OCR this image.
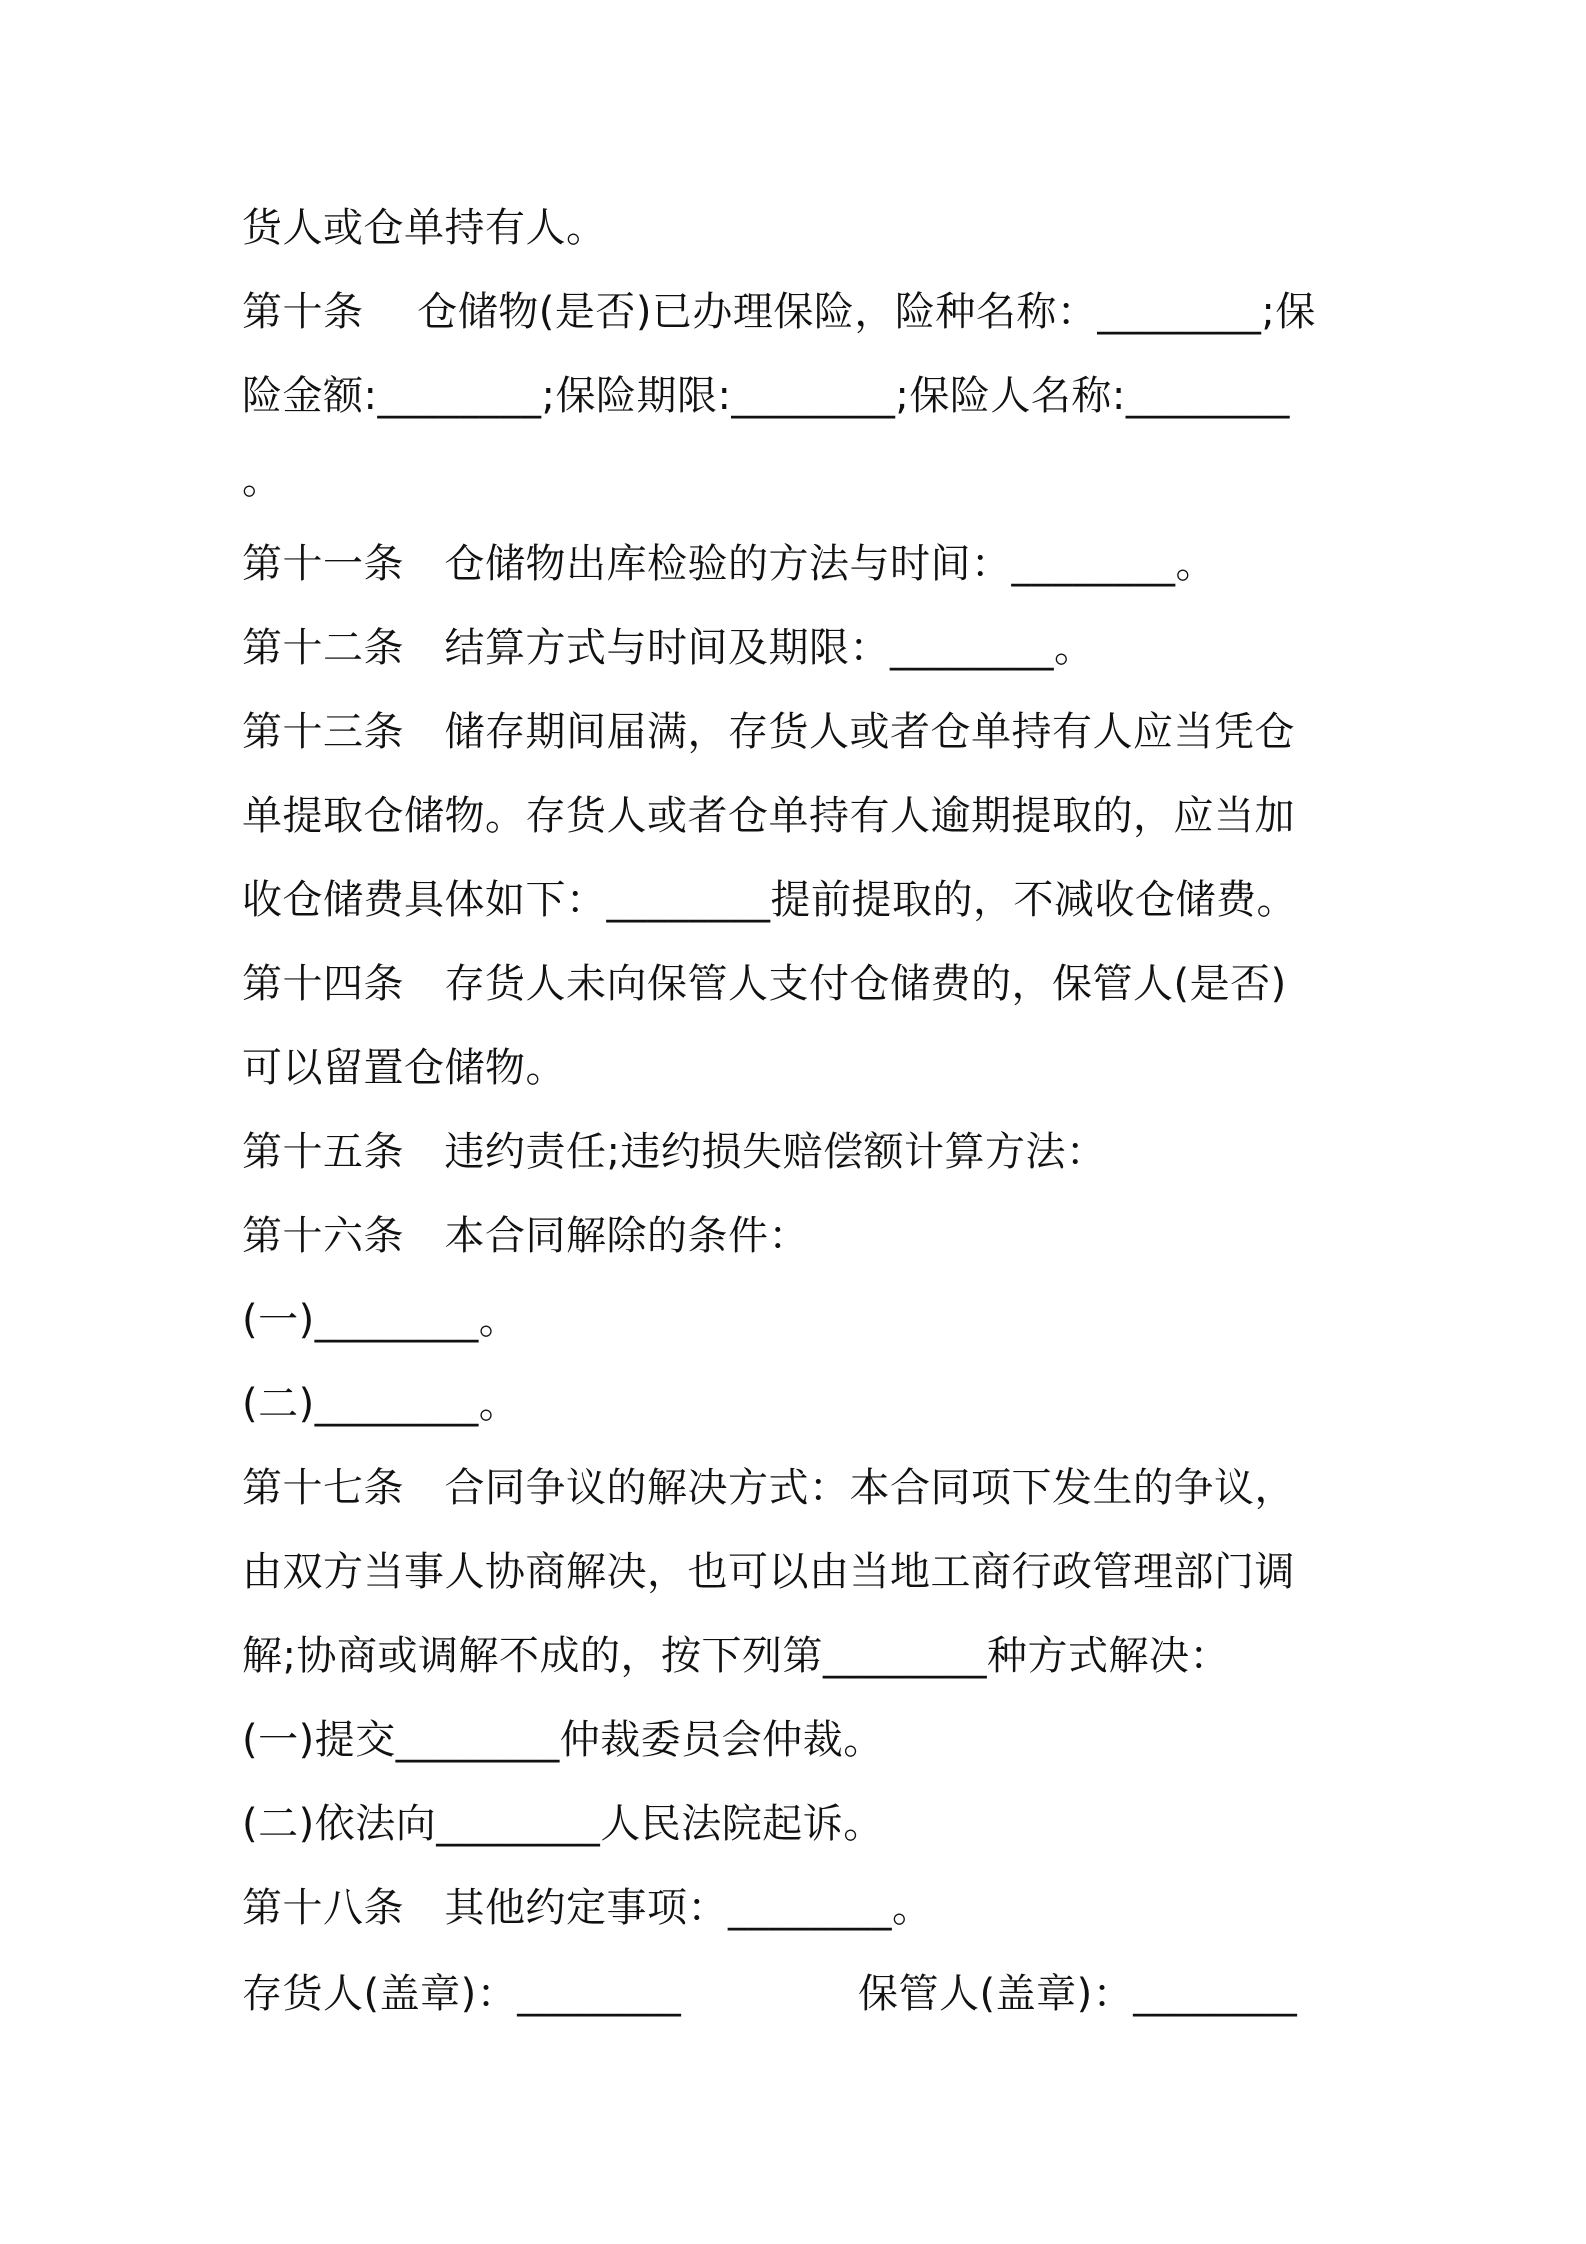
货人或仓单持有人。
第十条　 仓储物(是否)已办理保险，险种名称：________;保
险金额:________;保险期限:________;保险人名称:________
。
第十一条　仓储物出库检验的方法与时间：________。
第十二条　结算方式与时间及期限：________。
第十三条　储存期间届满，存货人或者仓单持有人应当凭仓
单提取仓储物。存货人或者仓单持有人逾期提取的，应当加
收仓储费具体如下：________提前提取的，不减收仓储费。
第十四条　存货人未向保管人支付仓储费的，保管人(是否)
可以留置仓储物。
第十五条　违约责任;违约损失赔偿额计算方法：
第十六条　本合同解除的条件：
(一)________。
(二)________。
第十七条　合同争议的解决方式：本合同项下发生的争议，
由双方当事人协商解决，也可以由当地工商行政管理部门调
解;协商或调解不成的，按下列第________种方式解决：
(一)提交________仲裁委员会仲裁。
(二)依法向________人民法院起诉。
第十八条　其他约定事项：________。
存货人(盖章)：________	保管人(盖章)：________
